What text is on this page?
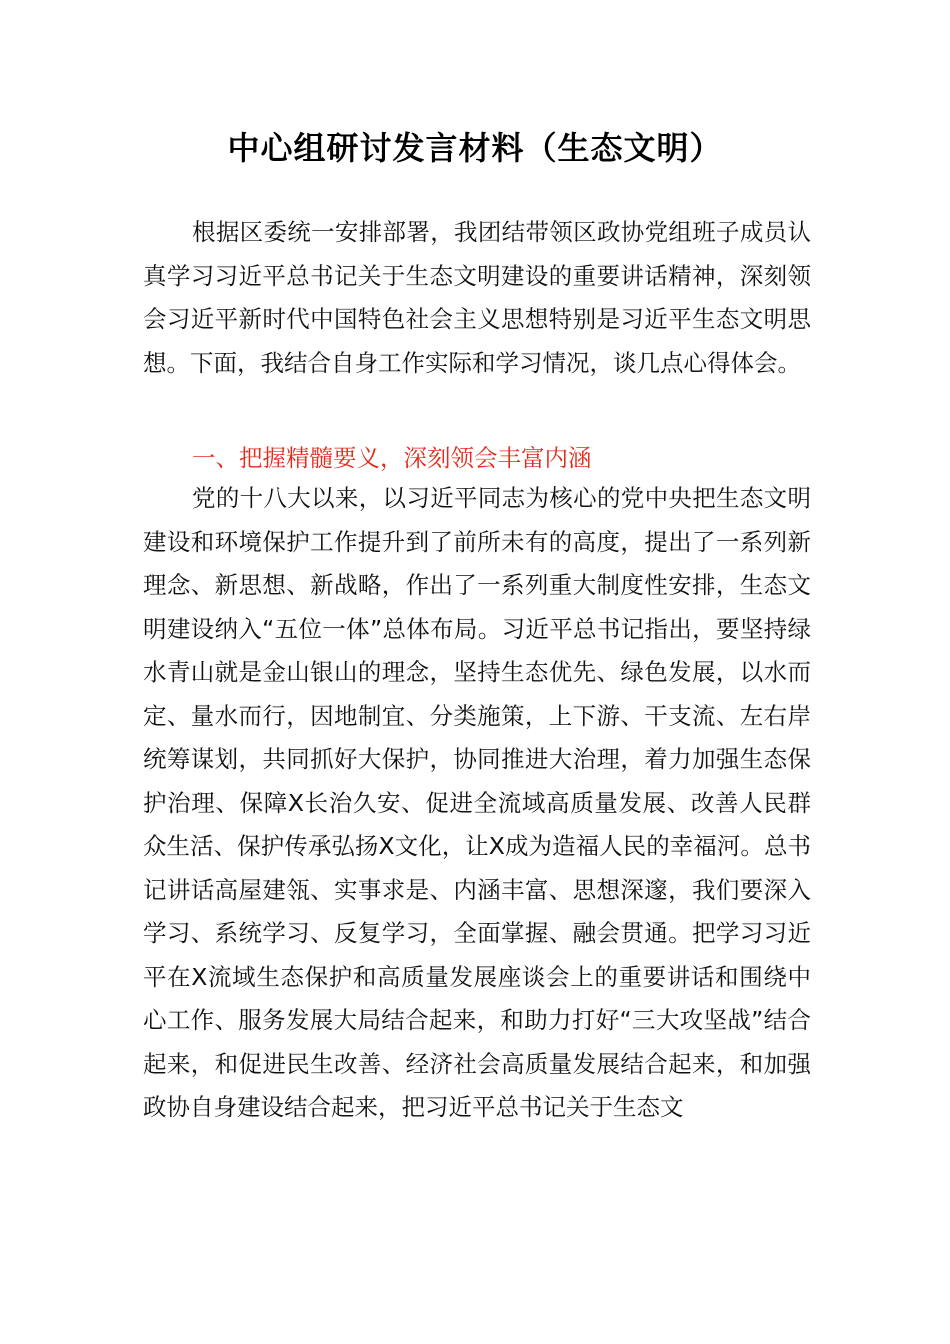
中心组研讨发言材料（生态文明）
根据区委统一安排部署，我团结带领区政协党组班子成员认真学习习近平总书记关于生态文明建设的重要讲话精神，深刻领会习近平新时代中国特色社会主义思想特别是习近平生态文明思想。下面，我结合自身工作实际和学习情况，谈几点心得体会。
一、把握精髓要义，深刻领会丰富内涵
党的十八大以来，以习近平同志为核心的党中央把生态文明建设和环境保护工作提升到了前所未有的高度，提出了一系列新理念、新思想、新战略，作出了一系列重大制度性安排，生态文明建设纳入“五位一体”总体布局。习近平总书记指出，要坚持绿水青山就是金山银山的理念，坚持生态优先、绿色发展，以水而定、量水而行，因地制宜、分类施策，上下游、干支流、左右岸统筹谋划，共同抓好大保护，协同推进大治理，着力加强生态保护治理、保障X长治久安、促进全流域高质量发展、改善人民群众生活、保护传承弘扬X文化，让X成为造福人民的幸福河。总书记讲话高屋建瓴、实事求是、内涵丰富、思想深邃，我们要深入学习、系统学习、反复学习，全面掌握、融会贯通。把学习习近平在X流域生态保护和高质量发展座谈会上的重要讲话和围绕中心工作、服务发展大局结合起来，和助力打好“三大攻坚战”结合起来，和促进民生改善、经济社会高质量发展结合起来，和加强政协自身建设结合起来，把习近平总书记关于生态文
